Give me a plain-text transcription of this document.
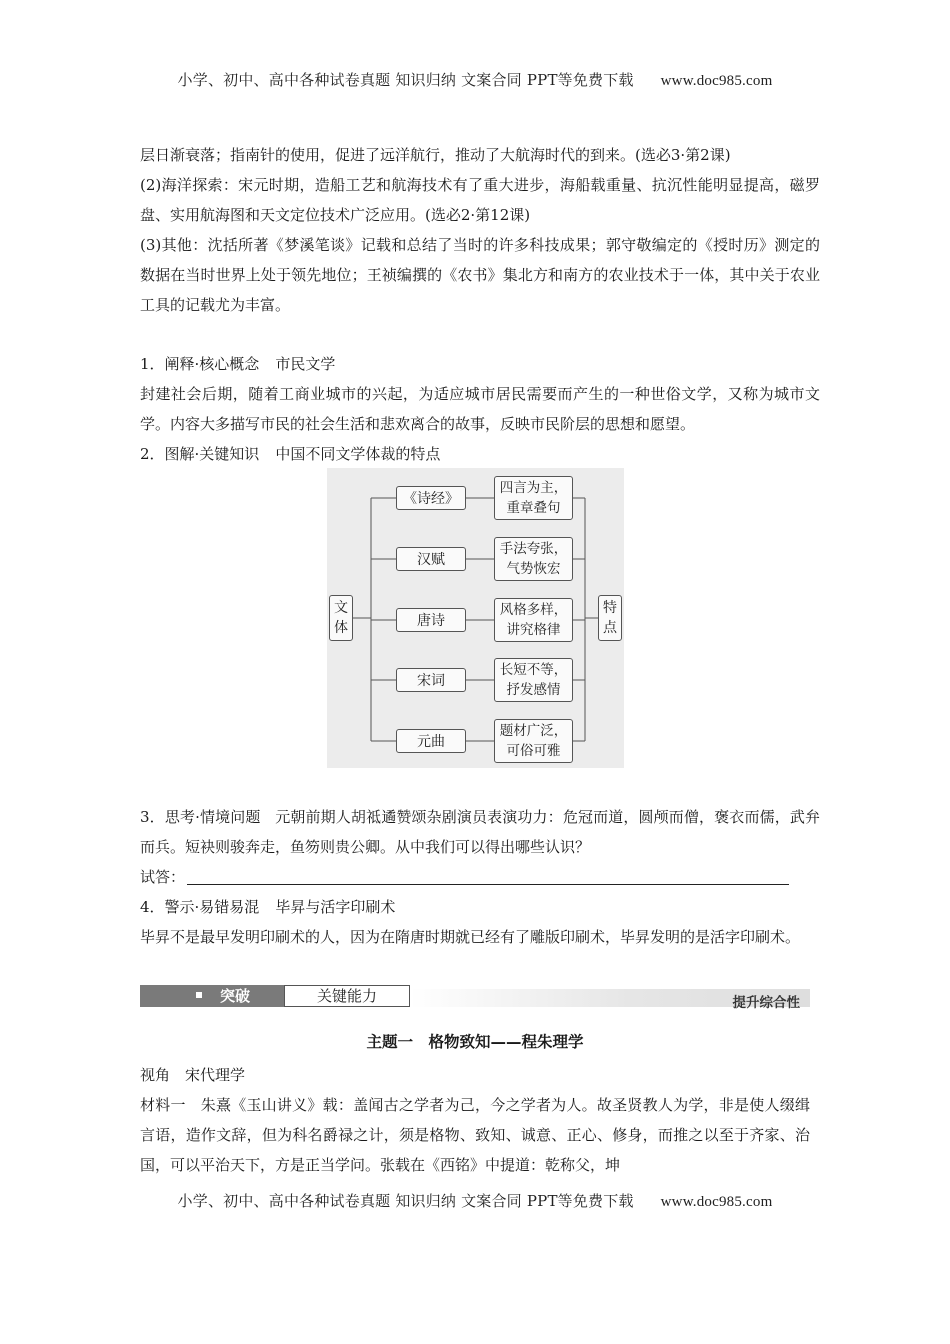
小学、初中、高中各种试卷真题 知识归纳 文案合同 PPT等免费下载 www.doc985.com

层日渐衰落；指南针的使用，促进了远洋航行，推动了大航海时代的到来。(选必3·第2课)

(2)海洋探索：宋元时期，造船工艺和航海技术有了重大进步，海船载重量、抗沉性能明显提高，磁罗盘、实用航海图和天文定位技术广泛应用。(选必2·第12课)

(3)其他：沈括所著《梦溪笔谈》记载和总结了当时的许多科技成果；郭守敬编定的《授时历》测定的数据在当时世界上处于领先地位；王祯编撰的《农书》集北方和南方的农业技术于一体，其中关于农业工具的记载尤为丰富。

1．阐释·核心概念 市民文学

封建社会后期，随着工商业城市的兴起，为适应城市居民需要而产生的一种世俗文学，又称为城市文学。内容大多描写市民的社会生活和悲欢离合的故事，反映市民阶层的思想和愿望。

2．图解·关键知识 中国不同文学体裁的特点

文体
特点
《诗经》
汉赋
唐诗
宋词
元曲
四言为主，
重章叠句
手法夸张，
气势恢宏
风格多样，
讲究格律
长短不等，
抒发感情
题材广泛，
可俗可雅

3．思考·情境问题 元朝前期人胡祗遹赞颂杂剧演员表演功力：危冠而道，圆颅而僧，褒衣而儒，武弁而兵。短袂则骏奔走，鱼笏则贵公卿。从中我们可以得出哪些认识？

试答：

4．警示·易错易混 毕昇与活字印刷术

毕昇不是最早发明印刷术的人，因为在隋唐时期就已经有了雕版印刷术，毕昇发明的是活字印刷术。

突破	关键能力	提升综合性
主题一　格物致知——程朱理学

视角　宋代理学

材料一 朱熹《玉山讲义》载：盖闻古之学者为己，今之学者为人。故圣贤教人为学，非是使人缀缉言语，造作文辞，但为科名爵禄之计，须是格物、致知、诚意、正心、修身，而推之以至于齐家、治国，可以平治天下，方是正当学问。张载在《西铭》中提道：乾称父，坤

小学、初中、高中各种试卷真题 知识归纳 文案合同 PPT等免费下载 www.doc985.com
